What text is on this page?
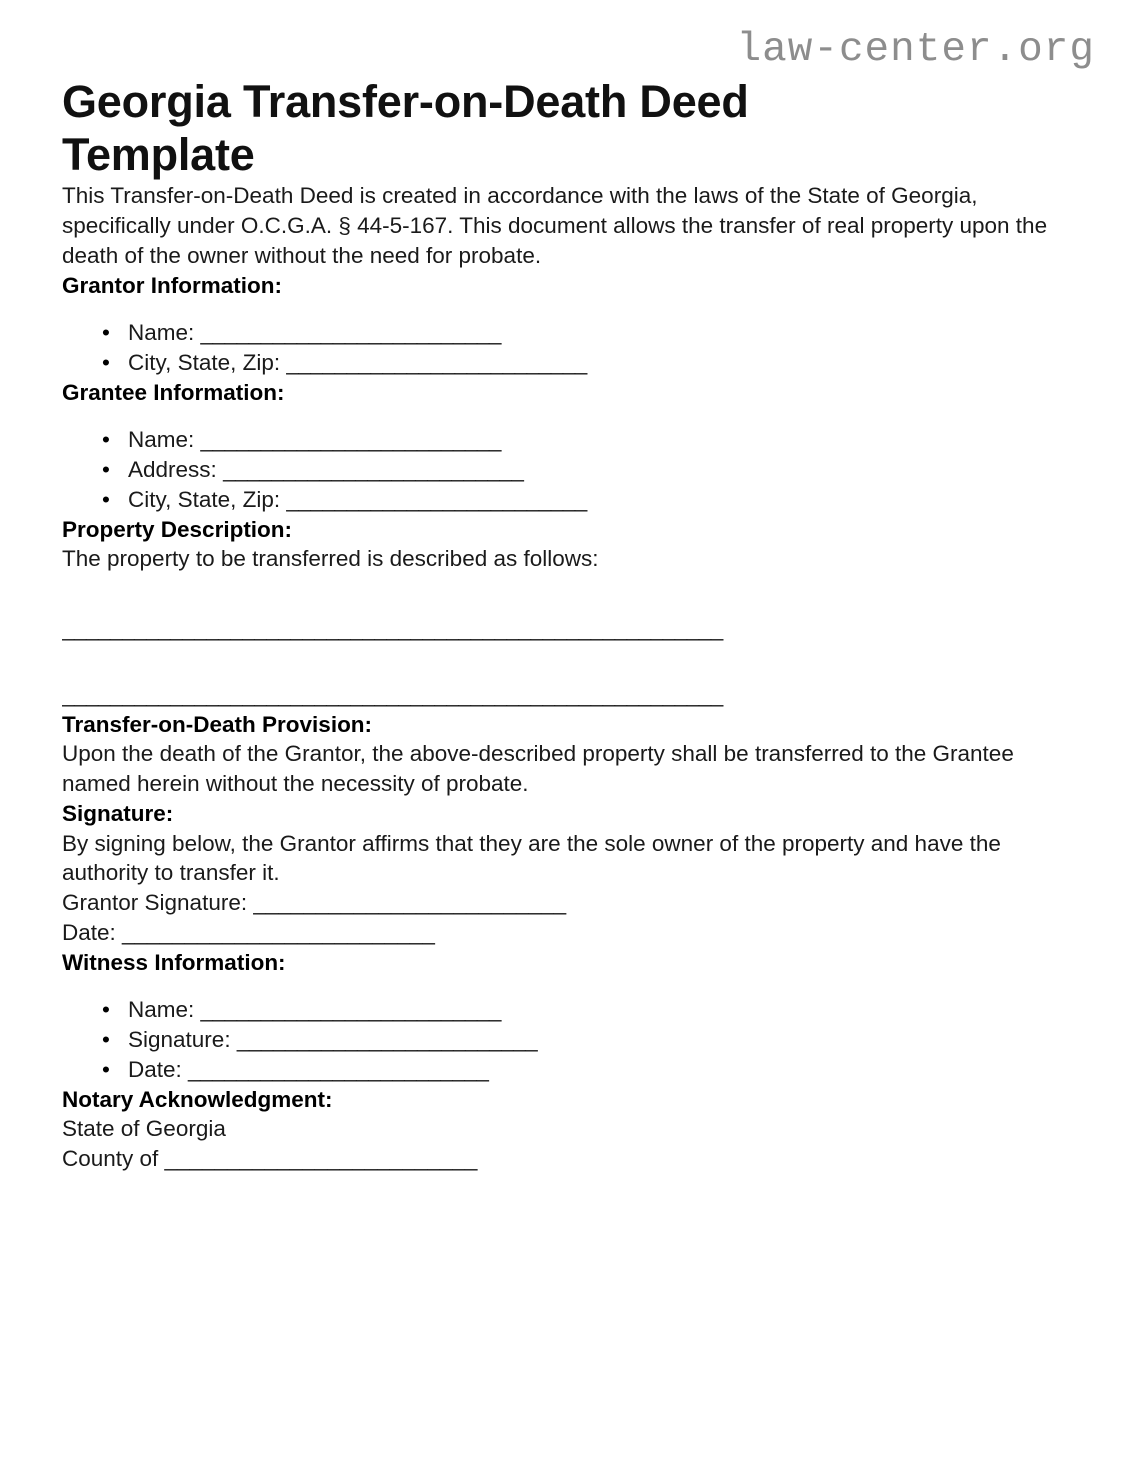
law-center.org
Georgia Transfer-on-Death Deed Template

This Transfer-on-Death Deed is created in accordance with the laws of the State of Georgia, specifically under O.C.G.A. § 44-5-167. This document allows the transfer of real property upon the death of the owner without the need for probate.

Grantor Information:
• Name: _________________________
• City, State, Zip: _________________________
Grantee Information:
• Name: _________________________
• Address: _________________________
• City, State, Zip: _________________________
Property Description:

The property to be transferred is described as follows:

_______________________________________________________
_______________________________________________________
Transfer-on-Death Provision:

Upon the death of the Grantor, the above-described property shall be transferred to the Grantee named herein without the necessity of probate.

Signature:

By signing below, the Grantor affirms that they are the sole owner of the property and have the authority to transfer it.

Grantor Signature: _________________________

Date: _________________________

Witness Information:
• Name: _________________________
• Signature: _________________________
• Date: _________________________
Notary Acknowledgment:

State of Georgia

County of _________________________
